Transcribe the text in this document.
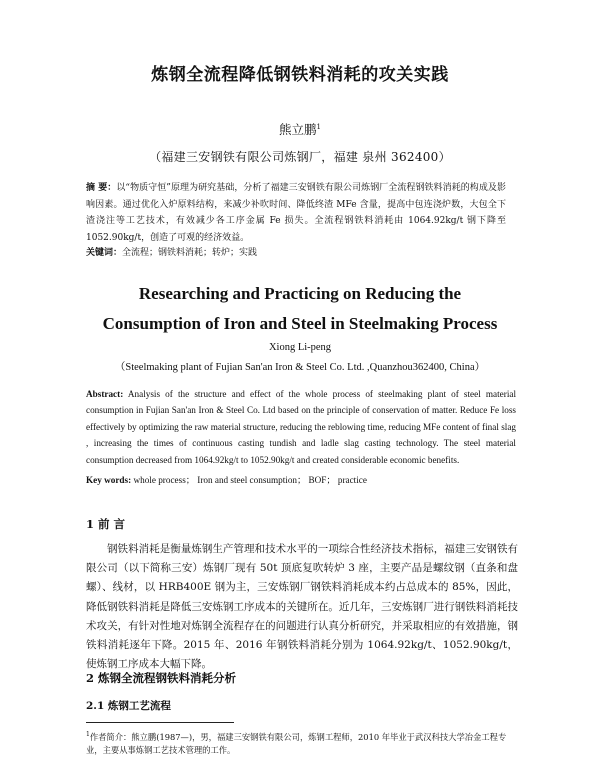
炼钢全流程降低钢铁料消耗的攻关实践
熊立鹏$^1$
（福建三安钢铁有限公司炼钢厂，福建 泉州 362400）
摘 要：以“物质守恒”原理为研究基础，分析了福建三安钢铁有限公司炼钢厂全流程钢铁料消耗的构成及影响因素。通过优化入炉原料结构，来减少补吹时间、降低终渣 MFe 含量，提高中包连浇炉数，大包全下渣浇注等工艺技术，有效减少各工序金属 Fe 损失。全流程钢铁料消耗由 1064.92kg/t 钢下降至 1052.90kg/t，创造了可观的经济效益。
关键词：全流程；钢铁料消耗；转炉；实践
Researching and Practicing on Reducing the
Consumption of Iron and Steel in Steelmaking Process
Xiong Li-peng
（Steelmaking plant of Fujian San'an Iron & Steel Co. Ltd. ,Quanzhou362400, China）
Abstract: Analysis of the structure and effect of the whole process of steelmaking plant of steel material consumption in Fujian San'an Iron & Steel Co. Ltd based on the principle of conservation of matter. Reduce Fe loss effectively by optimizing the raw material structure, reducing the reblowing time, reducing MFe content of final slag , increasing the times of continuous casting tundish and ladle slag casting technology. The steel material consumption decreased from 1064.92kg/t to 1052.90kg/t and created considerable economic benefits.
Key words: whole process； Iron and steel consumption； BOF； practice
1 前 言
钢铁料消耗是衡量炼钢生产管理和技术水平的一项综合性经济技术指标，福建三安钢铁有限公司（以下简称三安）炼钢厂现有 50t 顶底复吹转炉 3 座，主要产品是螺纹钢（直条和盘螺）、线材，以 HRB400E 钢为主，三安炼钢厂钢铁料消耗成本约占总成本的 85%，因此，降低钢铁料消耗是降低三安炼钢工序成本的关键所在。近几年，三安炼钢厂进行钢铁料消耗技术攻关，有针对性地对炼钢全流程存在的问题进行认真分析研究，并采取相应的有效措施，钢铁料消耗逐年下降。2015 年、2016 年钢铁料消耗分别为 1064.92kg/t、1052.90kg/t，使炼钢工序成本大幅下降。
2 炼钢全流程钢铁料消耗分析
2.1 炼钢工艺流程
$^1$作者简介：熊立鹏(1987—)，男，福建三安钢铁有限公司，炼钢工程师，2010 年毕业于武汉科技大学冶金工程专业，主要从事炼钢工艺技术管理的工作。
